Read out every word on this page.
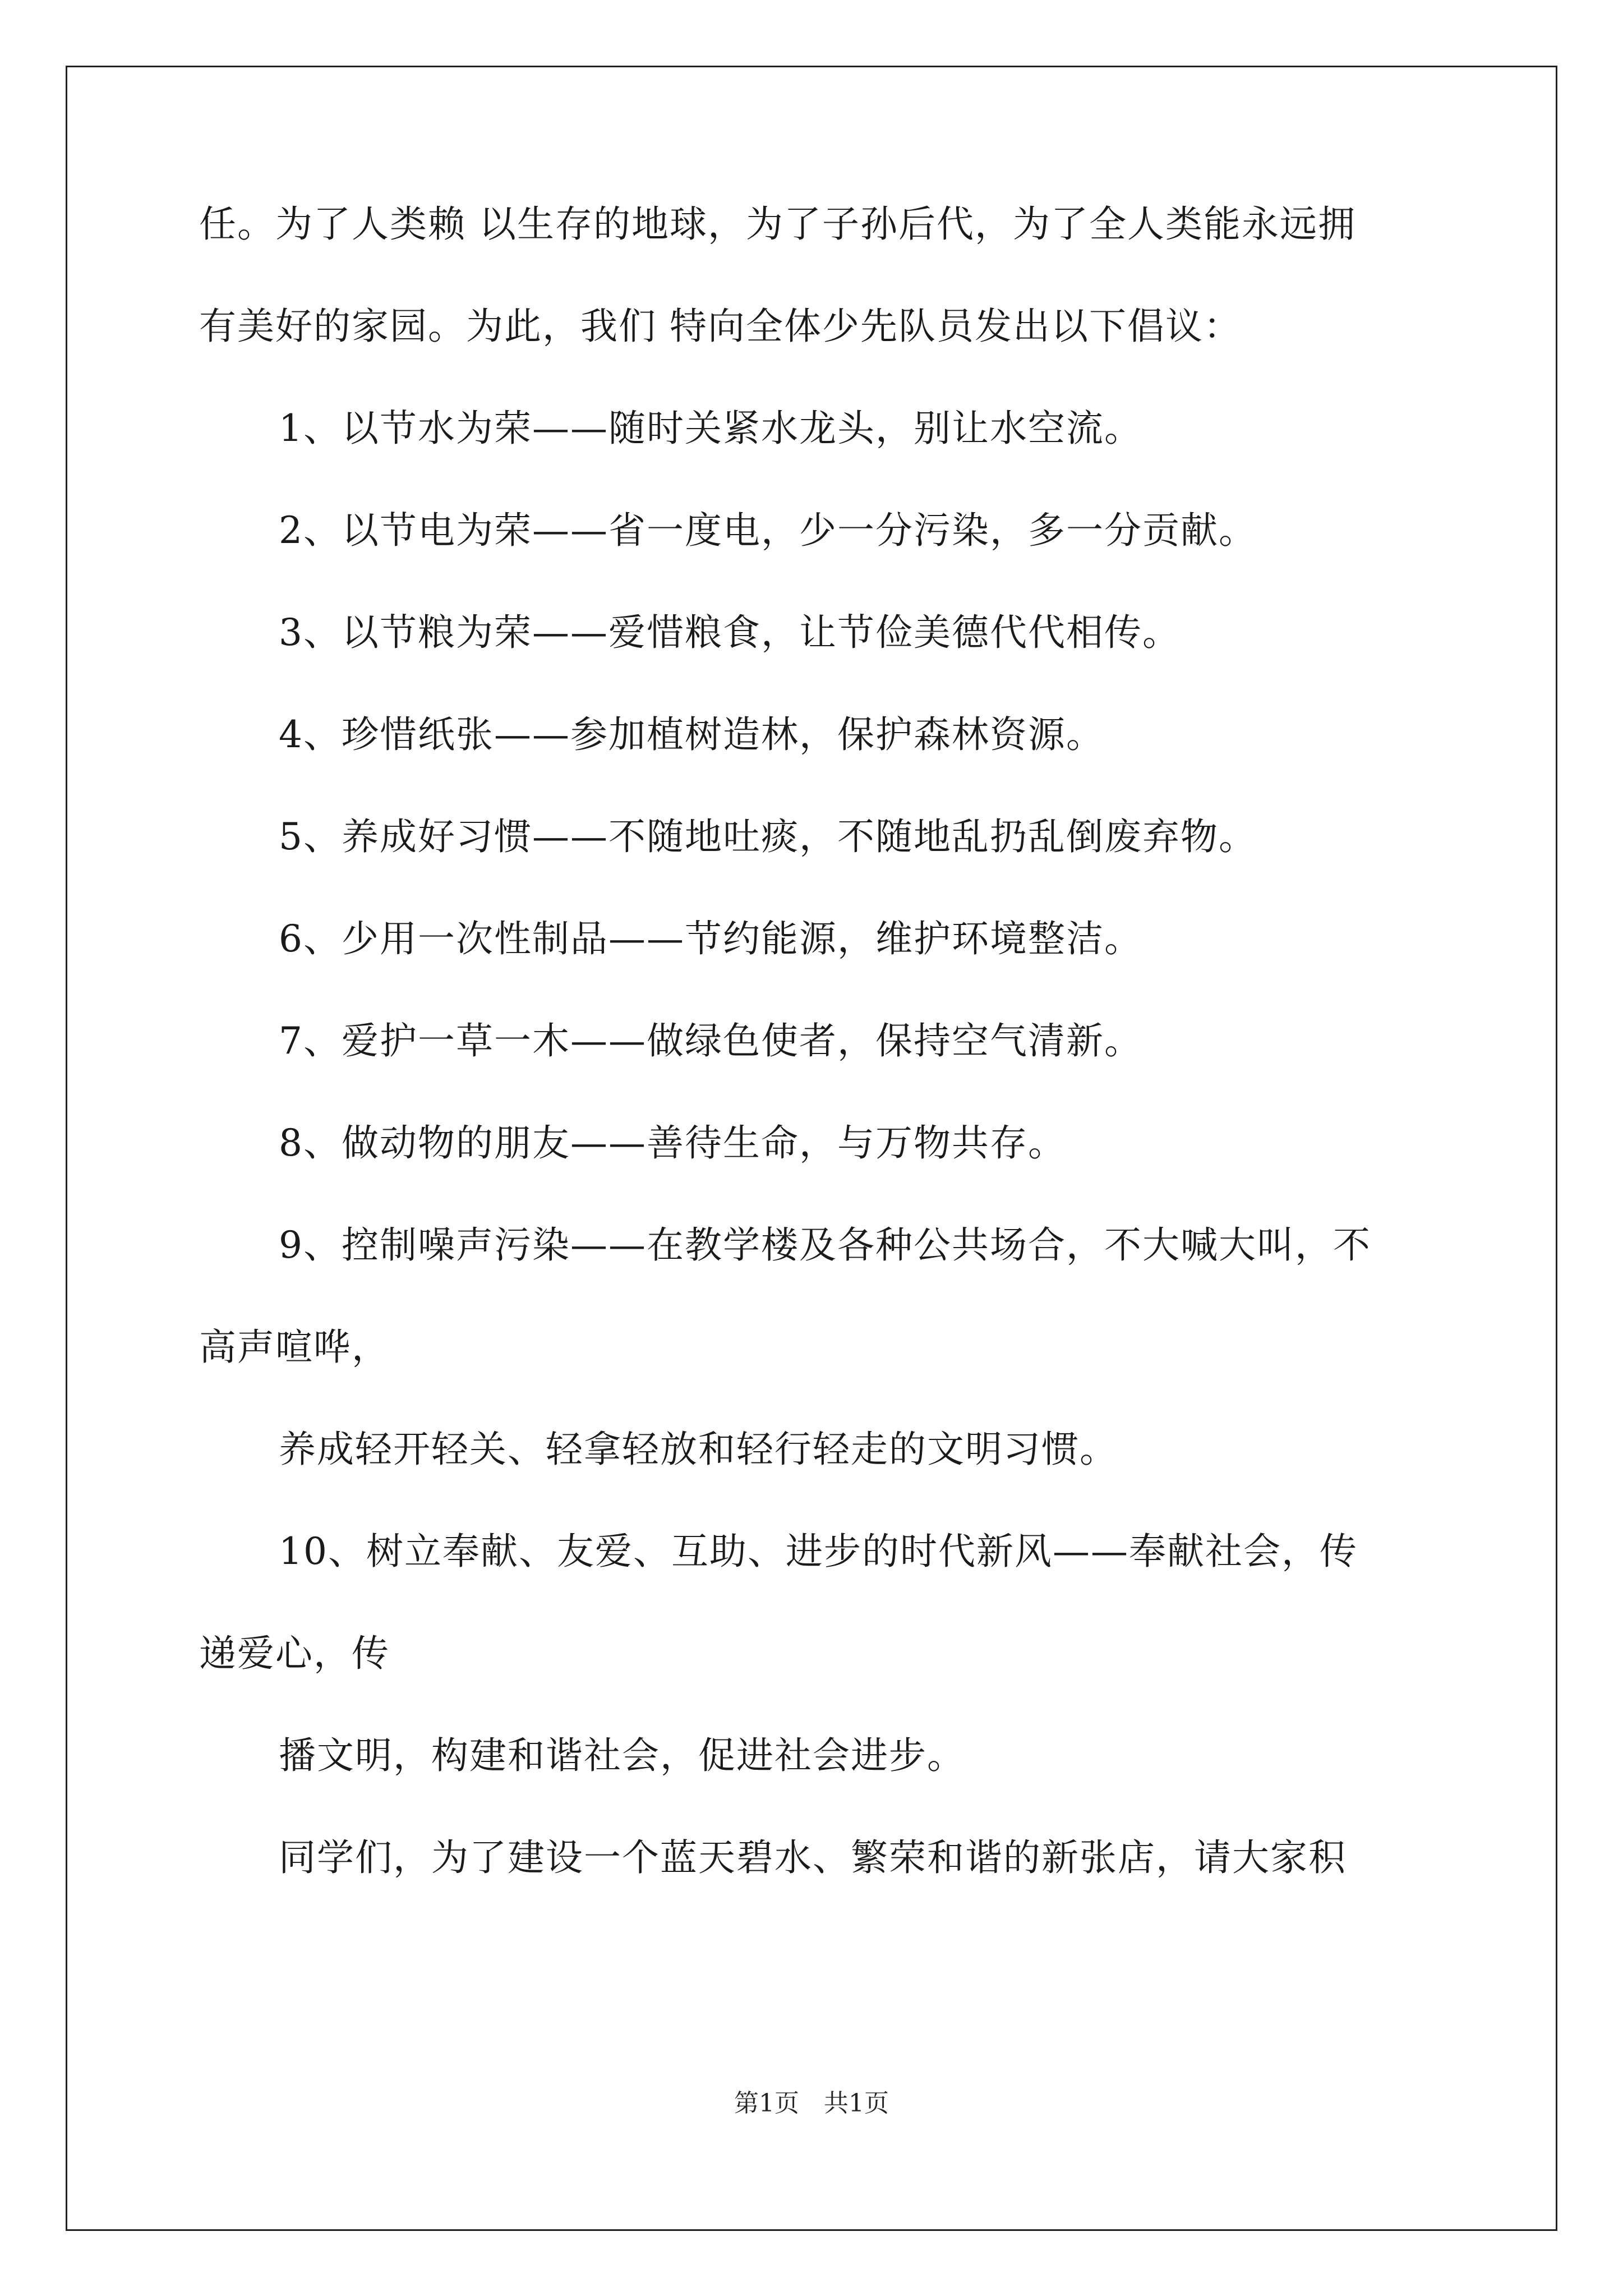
任。为了人类赖 以生存的地球，为了子孙后代，为了全人类能永远拥
有美好的家园。为此，我们 特向全体少先队员发出以下倡议：
1、以节水为荣——随时关紧水龙头，别让水空流。
2、以节电为荣——省一度电，少一分污染，多一分贡献。
3、以节粮为荣——爱惜粮食，让节俭美德代代相传。
4、珍惜纸张——参加植树造林，保护森林资源。
5、养成好习惯——不随地吐痰，不随地乱扔乱倒废弃物。
6、少用一次性制品——节约能源，维护环境整洁。
7、爱护一草一木——做绿色使者，保持空气清新。
8、做动物的朋友——善待生命，与万物共存。
9、控制噪声污染——在教学楼及各种公共场合，不大喊大叫，不
高声喧哗，
养成轻开轻关、轻拿轻放和轻行轻走的文明习惯。
10、树立奉献、友爱、互助、进步的时代新风——奉献社会，传
递爱心，传
播文明，构建和谐社会，促进社会进步。
同学们，为了建设一个蓝天碧水、繁荣和谐的新张店，请大家积
第1页　共1页
